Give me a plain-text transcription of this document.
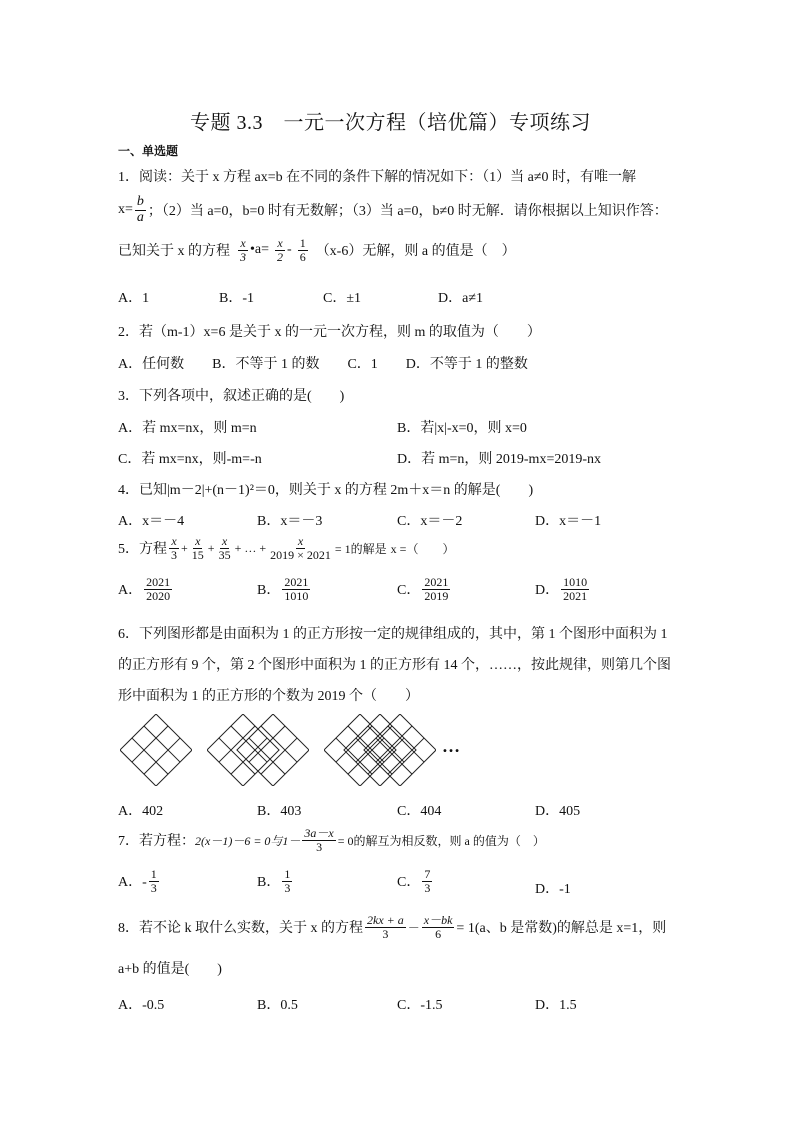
专题 3.3　一元一次方程（培优篇）专项练习
一、单选题
1．阅读：关于 x 方程 ax=b 在不同的条件下解的情况如下：（1）当 a≠0 时，有唯一解
$x= \frac{b}{a}$ ；（2）当 a=0，b=0 时有无数解；（3）当 a=0，b≠0 时无解．请你根据以上知识作答：
已知关于 x 的方程 $\frac{x}{3}$ •a= $\frac{x}{2} - \frac{1}{6} (x-6)$无解，则 a 的值是（　）
A．1	B．-1	C．±1	D．a≠1
2．若（m-1）x=6 是关于 x 的一元一次方程，则 m 的取值为（　　）
A．任何数　　B．不等于 1 的数　　C．1　　D．不等于 1 的整数
3．下列各项中，叙述正确的是(　　)
A．若 mx=nx，则 m=n	B．若|x|-x=0，则 x=0
C．若 mx=nx，则-m=-n	D．若 m=n，则 2019-mx=2019-nx
4．已知|m－2|+(n－1)²＝0，则关于 x 的方程 2m＋x＝n 的解是(　　)
A．x＝－4	B．x＝－3	C．x＝－2	D．x＝－1
5．方程 $\frac{x}{3} + \frac{x}{15} + \frac{x}{35}$ + … + $\frac{x}{2019 \times 2021} = 1$的解是 x =（　　）
A． $\frac{2021}{2020}$	B． $\frac{2021}{1010}$	C． $\frac{2021}{2019}$	D． $\frac{1010}{2021}$
6．下列图形都是由面积为 1 的正方形按一定的规律组成的，其中，第 1 个图形中面积为 1
的正方形有 9 个，第 2 个图形中面积为 1 的正方形有 14 个，……，按此规律，则第几个图
形中面积为 1 的正方形的个数为 2019 个（　　）
…
A．402	B．403	C．404	D．405
7．若方程： 2(x－1)－6 = 0与$1- \frac{3a-x}{3} = 0$的解互为相反数，则 a 的值为（　）
A．- $\frac{1}{3}$	B． $\frac{1}{3}$	C． $\frac{7}{3}$	D．-1
8．若不论 k 取什么实数，关于 x 的方程 $\frac{2kx + a}{3} - \frac{x-bk}{6} = 1(a$、b 是常数)的解总是 x=1，则
a+b 的值是(　　)
A．-0.5	B．0.5	C．-1.5	D．1.5
